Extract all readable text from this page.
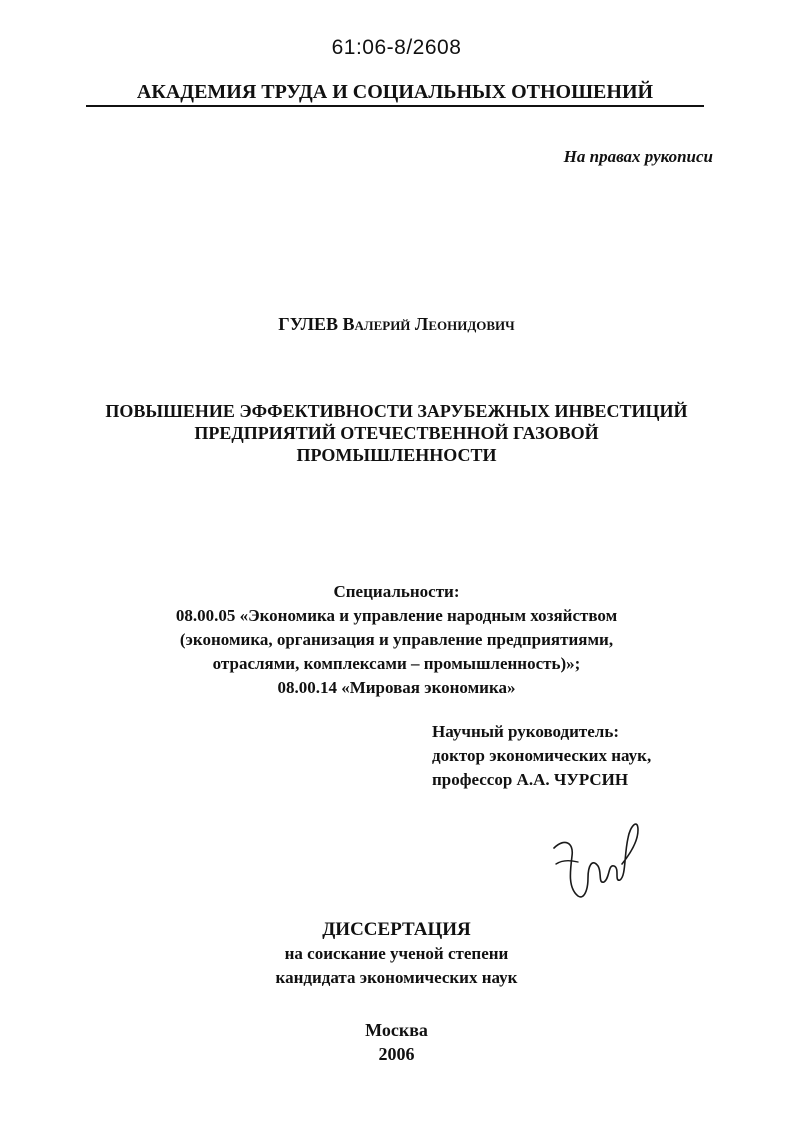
61:06-8/2608
АКАДЕМИЯ ТРУДА И СОЦИАЛЬНЫХ ОТНОШЕНИЙ
На правах рукописи
ГУЛЕВ Валерий Леонидович
ПОВЫШЕНИЕ ЭФФЕКТИВНОСТИ ЗАРУБЕЖНЫХ ИНВЕСТИЦИЙ
ПРЕДПРИЯТИЙ ОТЕЧЕСТВЕННОЙ ГАЗОВОЙ
ПРОМЫШЛЕННОСТИ
Специальности:
08.00.05 «Экономика и управление народным хозяйством
(экономика, организация и управление предприятиями,
отраслями, комплексами – промышленность)»;
08.00.14 «Мировая экономика»
Научный руководитель:
доктор экономических наук,
профессор А.А. ЧУРСИН
ДИССЕРТАЦИЯ
на соискание ученой степени
кандидата экономических наук
Москва
2006
